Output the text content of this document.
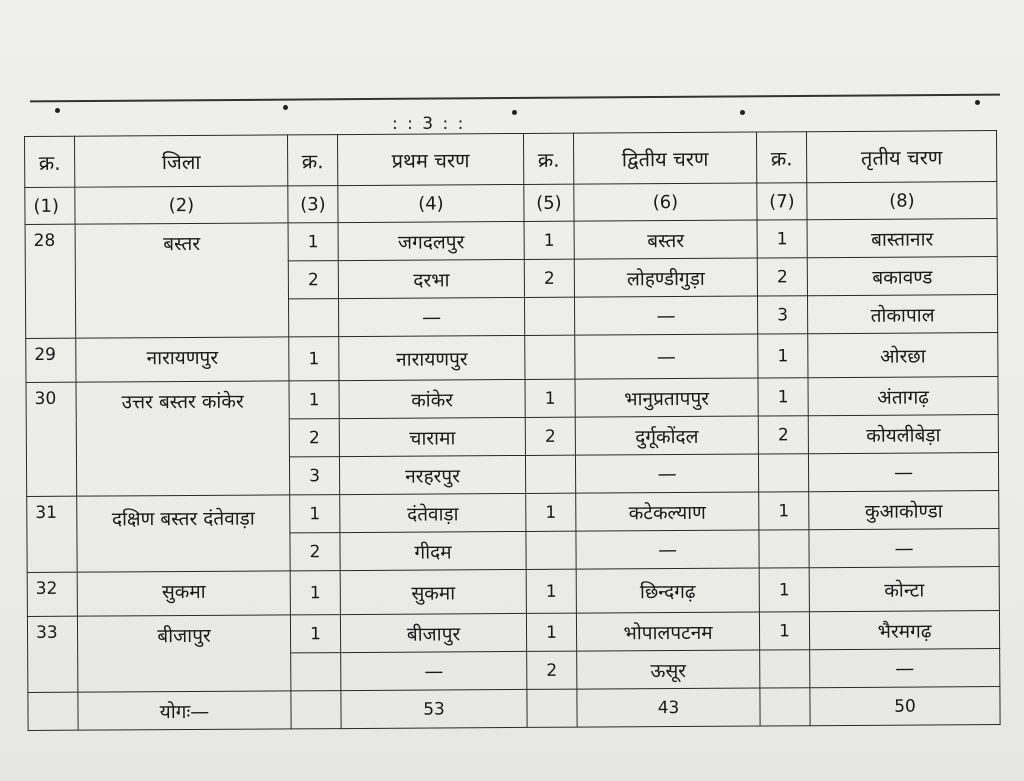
: : 3 : :
क्र.	जिला	क्र.	प्रथम चरण	क्र.	द्वितीय चरण	क्र.	तृतीय चरण
(1)	(2)	(3)	(4)	(5)	(6)	(7)	(8)
28	बस्तर	1	जगदलपुर	1	बस्तर	1	बास्तानार
		2	दरभा	2	लोहण्डीगुड़ा	2	बकावण्ड
			—		—	3	तोकापाल
29	नारायणपुर	1	नारायणपुर		—	1	ओरछा
30	उत्तर बस्तर कांकेर	1	कांकेर	1	भानुप्रतापपुर	1	अंतागढ़
		2	चारामा	2	दुर्गूकोंदल	2	कोयलीबेड़ा
		3	नरहरपुर		—		—
31	दक्षिण बस्तर दंतेवाड़ा	1	दंतेवाड़ा	1	कटेकल्याण	1	कुआकोण्डा
		2	गीदम		—		—
32	सुकमा	1	सुकमा	1	छिन्दगढ़	1	कोन्टा
33	बीजापुर	1	बीजापुर	1	भोपालपटनम	1	भैरमगढ़
			—	2	ऊसूर		—
	योगः—		53		43		50
